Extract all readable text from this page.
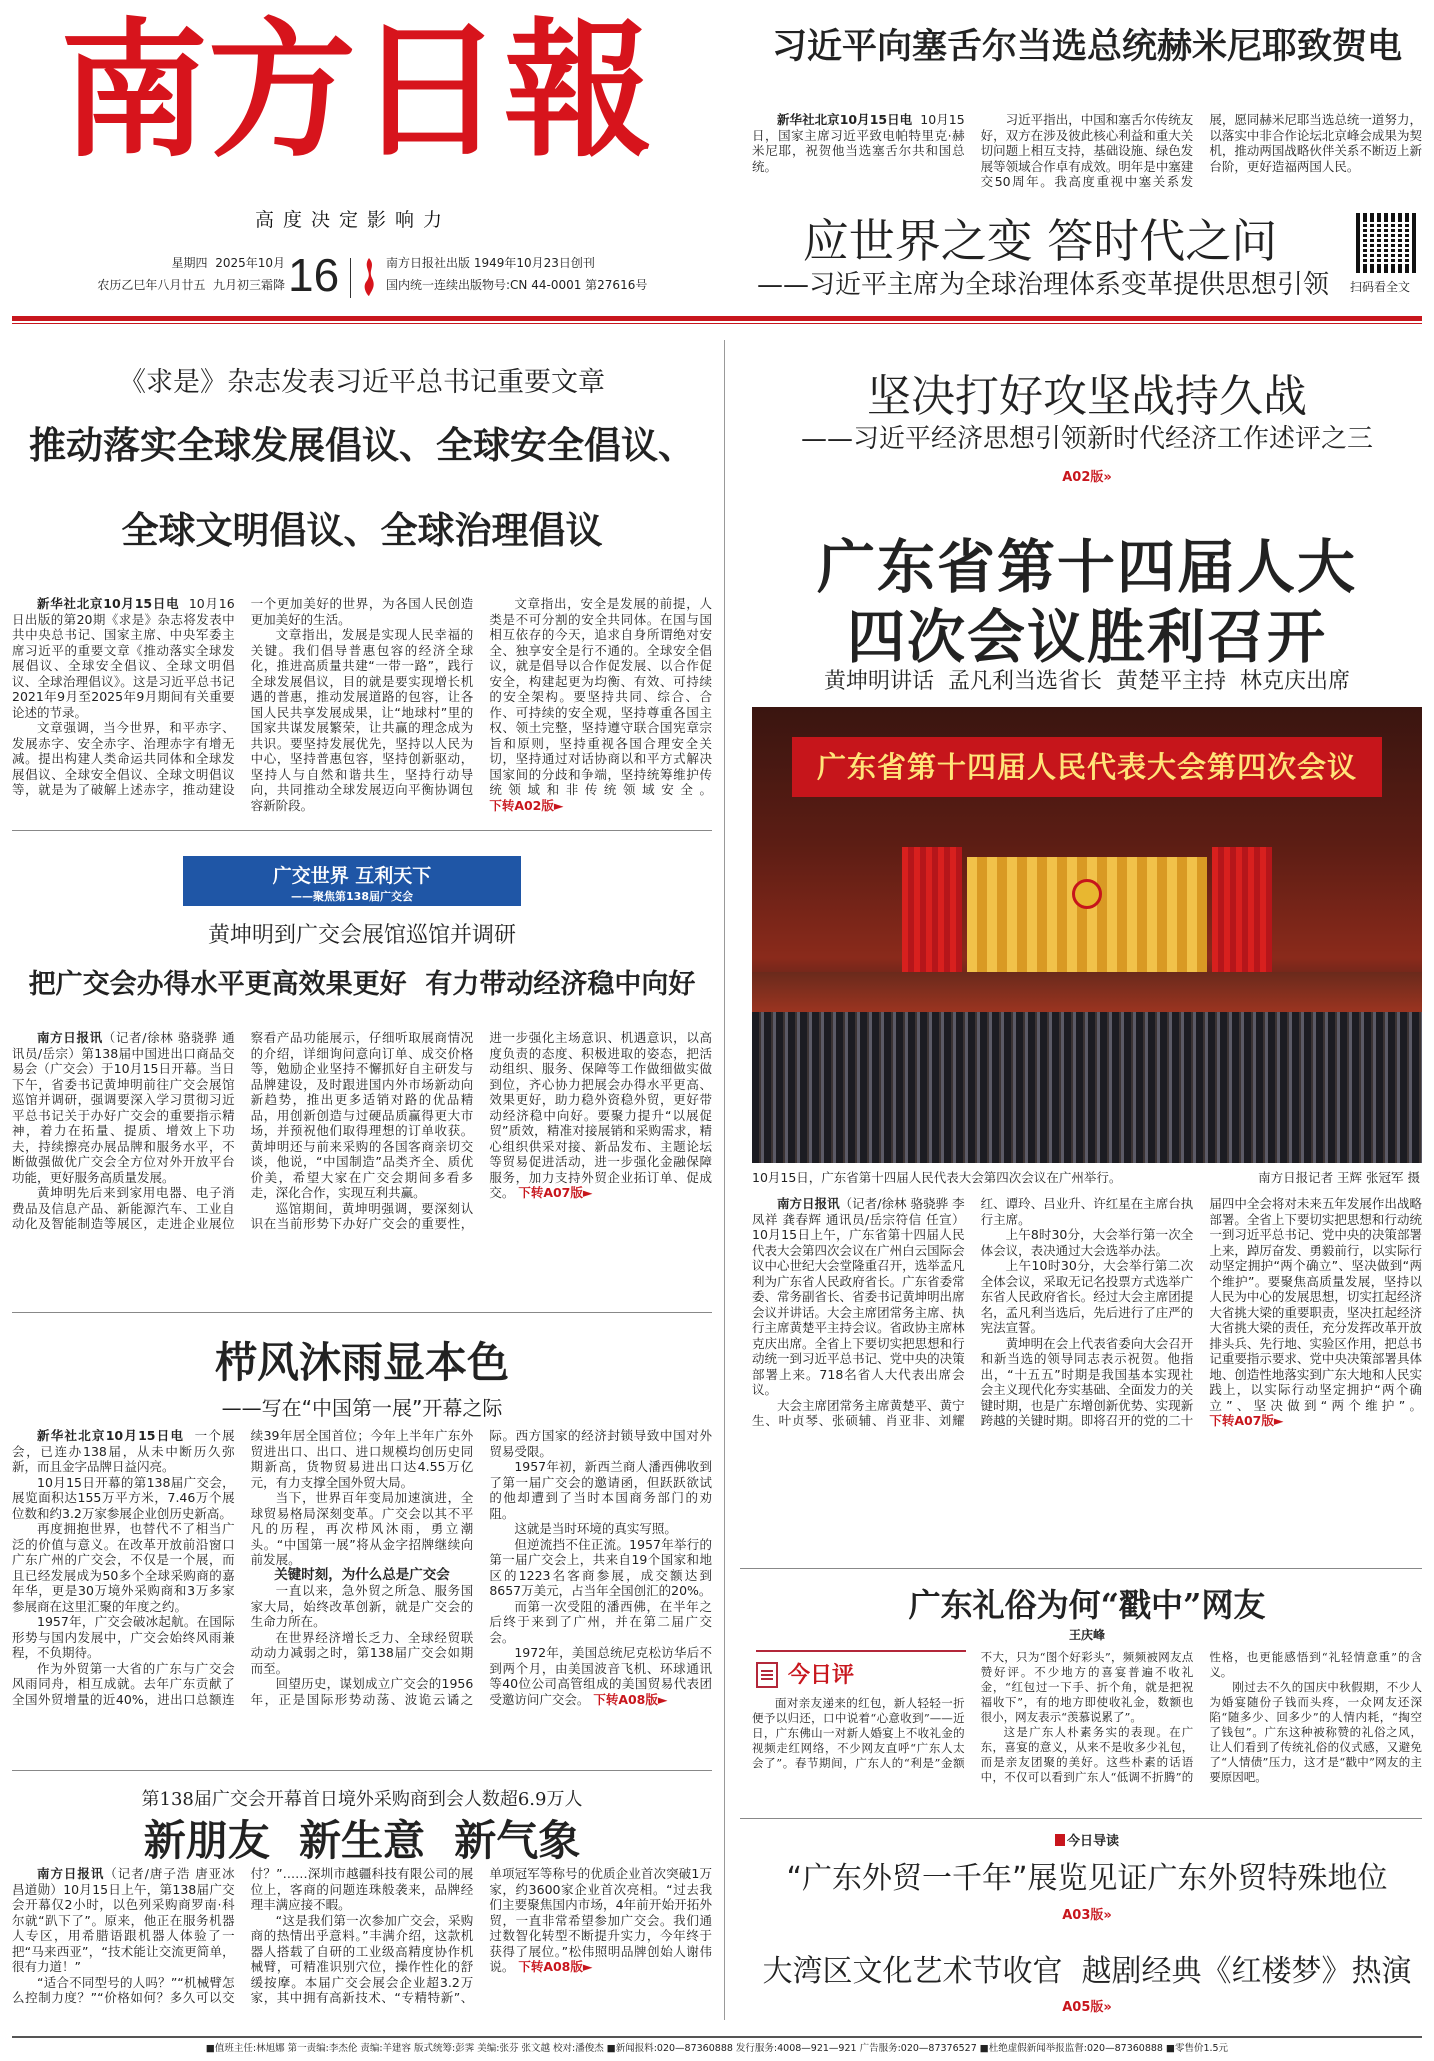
南方日報
高度决定影响力
星期四 2025年10月
农历乙巳年八月廿五 九月初三霜降 16	南方日报社出版 1949年10月23日创刊
国内统一连续出版物号:CN 44-0001 第27616号
习近平向塞舌尔当选总统赫米尼耶致贺电

新华社北京10月15日电 10月15日，国家主席习近平致电帕特里克·赫米尼耶，祝贺他当选塞舌尔共和国总统。

习近平指出，中国和塞舌尔传统友好，双方在涉及彼此核心利益和重大关切问题上相互支持，基础设施、绿色发展等领域合作卓有成效。明年是中塞建交50周年。我高度重视中塞关系发展，愿同赫米尼耶当选总统一道努力，以落实中非合作论坛北京峰会成果为契机，推动两国战略伙伴关系不断迈上新台阶，更好造福两国人民。

应世界之变 答时代之问
——习近平主席为全球治理体系变革提供思想引领	扫码看全文
《求是》杂志发表习近平总书记重要文章
推动落实全球发展倡议、全球安全倡议、
全球文明倡议、全球治理倡议

新华社北京10月15日电 10月16日出版的第20期《求是》杂志将发表中共中央总书记、国家主席、中央军委主席习近平的重要文章《推动落实全球发展倡议、全球安全倡议、全球文明倡议、全球治理倡议》。这是习近平总书记2021年9月至2025年9月期间有关重要论述的节录。

文章强调，当今世界，和平赤字、发展赤字、安全赤字、治理赤字有增无减。提出构建人类命运共同体和全球发展倡议、全球安全倡议、全球文明倡议等，就是为了破解上述赤字，推动建设一个更加美好的世界，为各国人民创造更加美好的生活。

文章指出，发展是实现人民幸福的关键。我们倡导普惠包容的经济全球化，推进高质量共建“一带一路”，践行全球发展倡议，目的就是要实现增长机遇的普惠，推动发展道路的包容，让各国人民共享发展成果，让“地球村”里的国家共谋发展繁荣，让共赢的理念成为共识。要坚持发展优先，坚持以人民为中心，坚持普惠包容，坚持创新驱动，坚持人与自然和谐共生，坚持行动导向，共同推动全球发展迈向平衡协调包容新阶段。

文章指出，安全是发展的前提，人类是不可分割的安全共同体。在国与国相互依存的今天，追求自身所谓绝对安全、独享安全是行不通的。全球安全倡议，就是倡导以合作促发展、以合作促安全，构建起更为均衡、有效、可持续的安全架构。要坚持共同、综合、合作、可持续的安全观，坚持尊重各国主权、领土完整，坚持遵守联合国宪章宗旨和原则，坚持重视各国合理安全关切，坚持通过对话协商以和平方式解决国家间的分歧和争端，坚持统筹维护传统领域和非传统领域安全。 下转A02版►

广交世界 互利天下
——聚焦第138届广交会
黄坤明到广交会展馆巡馆并调研
把广交会办得水平更高效果更好  有力带动经济稳中向好

南方日报讯（记者/徐林 骆骁骅 通讯员/岳宗）第138届中国进出口商品交易会（广交会）于10月15日开幕。当日下午，省委书记黄坤明前往广交会展馆巡馆并调研，强调要深入学习贯彻习近平总书记关于办好广交会的重要指示精神，着力在拓量、提质、增效上下功夫，持续擦亮办展品牌和服务水平，不断做强做优广交会全方位对外开放平台功能，更好服务高质量发展。

黄坤明先后来到家用电器、电子消费品及信息产品、新能源汽车、工业自动化及智能制造等展区，走进企业展位察看产品功能展示，仔细听取展商情况的介绍，详细询问意向订单、成交价格等，勉励企业坚持不懈抓好自主研发与品牌建设，及时跟进国内外市场新动向新趋势，推出更多适销对路的优品精品，用创新创造与过硬品质赢得更大市场，并预祝他们取得理想的订单收获。黄坤明还与前来采购的各国客商亲切交谈，他说，“中国制造”品类齐全、质优价美，希望大家在广交会期间多看多走，深化合作，实现互利共赢。

巡馆期间，黄坤明强调，要深刻认识在当前形势下办好广交会的重要性，进一步强化主场意识、机遇意识，以高度负责的态度、积极进取的姿态，把活动组织、服务、保障等工作做细做实做到位，齐心协力把展会办得水平更高、效果更好，助力稳外资稳外贸，更好带动经济稳中向好。要聚力提升“以展促贸”质效，精准对接展销和采购需求，精心组织供采对接、新品发布、主题论坛等贸易促进活动，进一步强化金融保障服务，加力支持外贸企业拓订单、促成交。 下转A07版►

栉风沐雨显本色
——写在“中国第一展”开幕之际

新华社北京10月15日电 一个展会，已连办138届，从未中断历久弥新，而且金字品牌日益闪亮。

10月15日开幕的第138届广交会，展览面积达155万平方米，7.46万个展位数和约3.2万家参展企业创历史新高。

再度拥抱世界，也替代不了相当广泛的价值与意义。在改革开放前沿窗口广东广州的广交会，不仅是一个展，而且已经发展成为50多个全球采购商的嘉年华，更是30万境外采购商和3万多家参展商在这里汇聚的年度之约。

1957年，广交会破冰起航。在国际形势与国内发展中，广交会始终风雨兼程，不负期待。

作为外贸第一大省的广东与广交会风雨同舟，相互成就。去年广东贡献了全国外贸增量的近40%，进出口总额连续39年居全国首位；今年上半年广东外贸进出口、出口、进口规模均创历史同期新高，货物贸易进出口达4.55万亿元，有力支撑全国外贸大局。

当下，世界百年变局加速演进，全球贸易格局深刻变革。广交会以其不平凡的历程，再次栉风沐雨，勇立潮头。“中国第一展”将从金字招牌继续向前发展。

关键时刻，为什么总是广交会

一直以来，急外贸之所急、服务国家大局，始终改革创新，就是广交会的生命力所在。

在世界经济增长乏力、全球经贸联动动力减弱之时，第138届广交会如期而至。

回望历史，谋划成立广交会的1956年，正是国际形势动荡、波诡云谲之际。西方国家的经济封锁导致中国对外贸易受限。

1957年初，新西兰商人潘西佛收到了第一届广交会的邀请函，但跃跃欲试的他却遭到了当时本国商务部门的劝阻。

这就是当时环境的真实写照。

但逆流挡不住正流。1957年举行的第一届广交会上，共来自19个国家和地区的1223名客商参展，成交额达到8657万美元，占当年全国创汇的20%。

而第一次受阻的潘西佛，在半年之后终于来到了广州，并在第二届广交会。

1972年，美国总统尼克松访华后不到两个月，由美国波音飞机、环球通讯等40位公司高管组成的美国贸易代表团受邀访问广交会。 下转A08版►

第138届广交会开幕首日境外采购商到会人数超6.9万人
新朋友  新生意  新气象

南方日报讯（记者/唐子浩 唐亚冰 昌道勋）10月15日上午，第138届广交会开幕仅2小时，以色列采购商罗南·科尔就“趴下了”。原来，他正在服务机器人专区，用希腊语跟机器人体验了一把“马来西亚”，“技术能让交流更简单，很有力道！”

“适合不同型号的人吗？”“机械臂怎么控制力度？”“价格如何？多久可以交付？”……深圳市越疆科技有限公司的展位上，客商的问题连珠般袭来，品牌经理丰满应接不暇。

“这是我们第一次参加广交会，采购商的热情出乎意料。”丰满介绍，这款机器人搭载了自研的工业级高精度协作机械臂，可精准识别穴位，操作性化的舒缓按摩。本届广交会展会企业超3.2万家，其中拥有高新技术、“专精特新”、单项冠军等称号的优质企业首次突破1万家，约3600家企业首次亮相。“过去我们主要聚焦国内市场，4年前开始开拓外贸，一直非常希望参加广交会。我们通过数智化转型不断提升实力，今年终于获得了展位。”松伟照明品牌创始人谢伟说。 下转A08版►

坚决打好攻坚战持久战
——习近平经济思想引领新时代经济工作述评之三
A02版»
广东省第十四届人大
四次会议胜利召开
黄坤明讲话  孟凡利当选省长  黄楚平主持  林克庆出席
广东省第十四届人民代表大会第四次会议
10月15日，广东省第十四届人民代表大会第四次会议在广州举行。	南方日报记者 王辉 张冠军 摄

南方日报讯（记者/徐林 骆骁骅 李凤祥 龚春辉 通讯员/岳宗符信 任宣）10月15日上午，广东省第十四届人民代表大会第四次会议在广州白云国际会议中心世纪大会堂隆重召开，选举孟凡利为广东省人民政府省长。广东省委常委、常务副省长、省委书记黄坤明出席会议并讲话。大会主席团常务主席、执行主席黄楚平主持会议。省政协主席林克庆出席。全省上下要切实把思想和行动统一到习近平总书记、党中央的决策部署上来。718名省人大代表出席会议。

大会主席团常务主席黄楚平、黄宁生、叶贞琴、张硕辅、肖亚非、刘耀红、谭玲、吕业升、许红星在主席台执行主席。

上午8时30分，大会举行第一次全体会议，表决通过大会选举办法。

上午10时30分，大会举行第二次全体会议，采取无记名投票方式选举广东省人民政府省长。经过大会主席团提名，孟凡利当选后，先后进行了庄严的宪法宣誓。

黄坤明在会上代表省委向大会召开和新当选的领导同志表示祝贺。他指出，“十五五”时期是我国基本实现社会主义现代化夯实基础、全面发力的关键时期，也是广东增创新优势、实现新跨越的关键时期。即将召开的党的二十届四中全会将对未来五年发展作出战略部署。全省上下要切实把思想和行动统一到习近平总书记、党中央的决策部署上来，踔厉奋发、勇毅前行，以实际行动坚定拥护“两个确立”、坚决做到“两个维护”。要聚焦高质量发展，坚持以人民为中心的发展思想，切实扛起经济大省挑大梁的重要职责，坚决扛起经济大省挑大梁的责任，充分发挥改革开放排头兵、先行地、实验区作用，把总书记重要指示要求、党中央决策部署具体地、创造性地落实到广东大地和人民实践上，以实际行动坚定拥护“两个确立”、坚决做到“两个维护”。 下转A07版►

广东礼俗为何“戳中”网友
王庆峰
今日评

面对亲友递来的红包，新人轻轻一折便予以归还，口中说着“心意收到”——近日，广东佛山一对新人婚宴上不收礼金的视频走红网络，不少网友直呼“广东人太会了”。春节期间，广东人的“利是”金额不大，只为“图个好彩头”，频频被网友点赞好评。不少地方的喜宴普遍不收礼金，“红包过一下手、折个角，就是把祝福收下”，有的地方即使收礼金，数额也很小，网友表示“羡慕说累了”。

这是广东人朴素务实的表现。在广东，喜宴的意义，从来不是收多少礼包，而是亲友团聚的美好。这些朴素的话语中，不仅可以看到广东人“低调不折腾”的性格，也更能感悟到“礼轻情意重”的含义。

刚过去不久的国庆中秋假期，不少人为婚宴随份子钱而头疼，一众网友还深陷“随多少、回多少”的人情内耗，“掏空了钱包”。广东这种被称赞的礼俗之风，让人们看到了传统礼俗的仪式感，又避免了“人情债”压力，这才是“戳中”网友的主要原因吧。

今日导读
“广东外贸一千年”展览见证广东外贸特殊地位
A03版»
大湾区文化艺术节收官  越剧经典《红楼梦》热演
A05版»
■值班主任:林旭娜 第一责编:李杰伦 责编:羊建容 版式统筹:彭霁 美编:张芬 张文越 校对:潘俊杰 ■新闻报料:020—87360888 发行服务:4008—921—921 广告服务:020—87376527 ■杜绝虚假新闻举报监督:020—87360888 ■零售价1.5元
